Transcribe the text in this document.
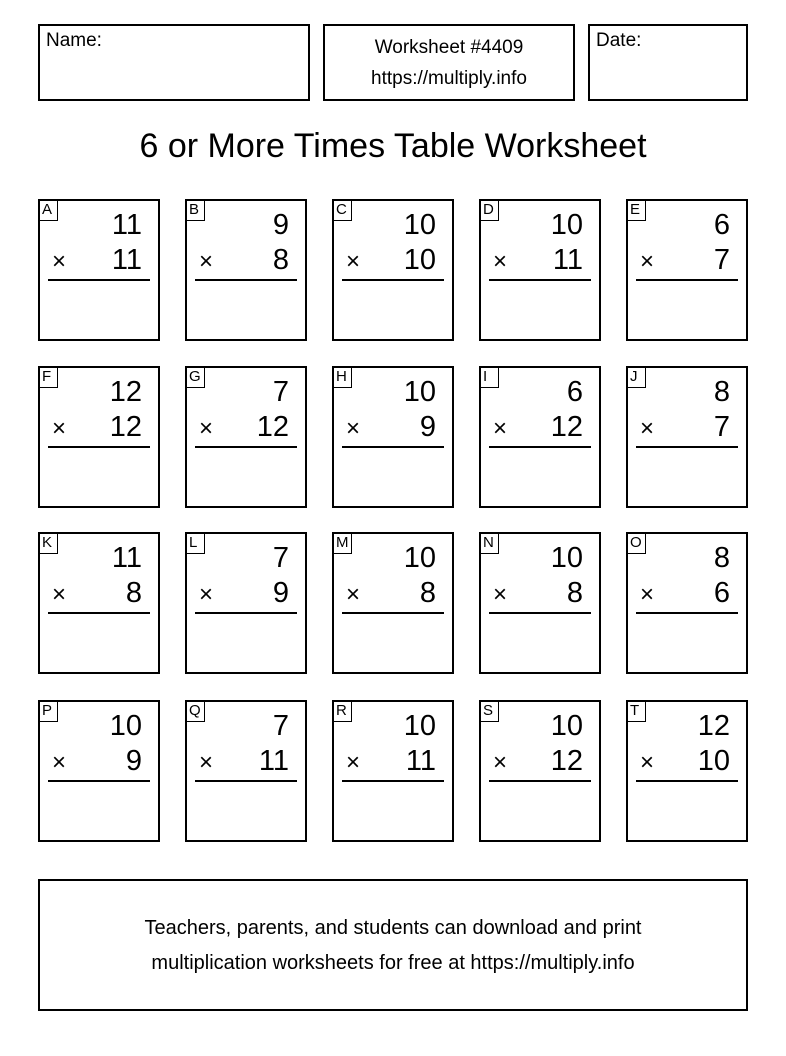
Name:	Worksheet #4409
https://multiply.info
Date:
6 or More Times Table Worksheet
A 11
× 11
B	9
× 8
C 10
× 10
D 10
× 11
E	6
× 7
F 12
× 12
G 7
× 12
H 10
× 9
I	6
× 12
J	8
× 7
K 11
× 8
L	7
× 9
M 10
× 8
N 10
× 8
O 8
× 6
P 10
× 9
Q 7
× 11
R 10
× 11
S 10
× 12
T 12
× 10
Teachers, parents, and students can download and print
multiplication worksheets for free at https://multiply.info
